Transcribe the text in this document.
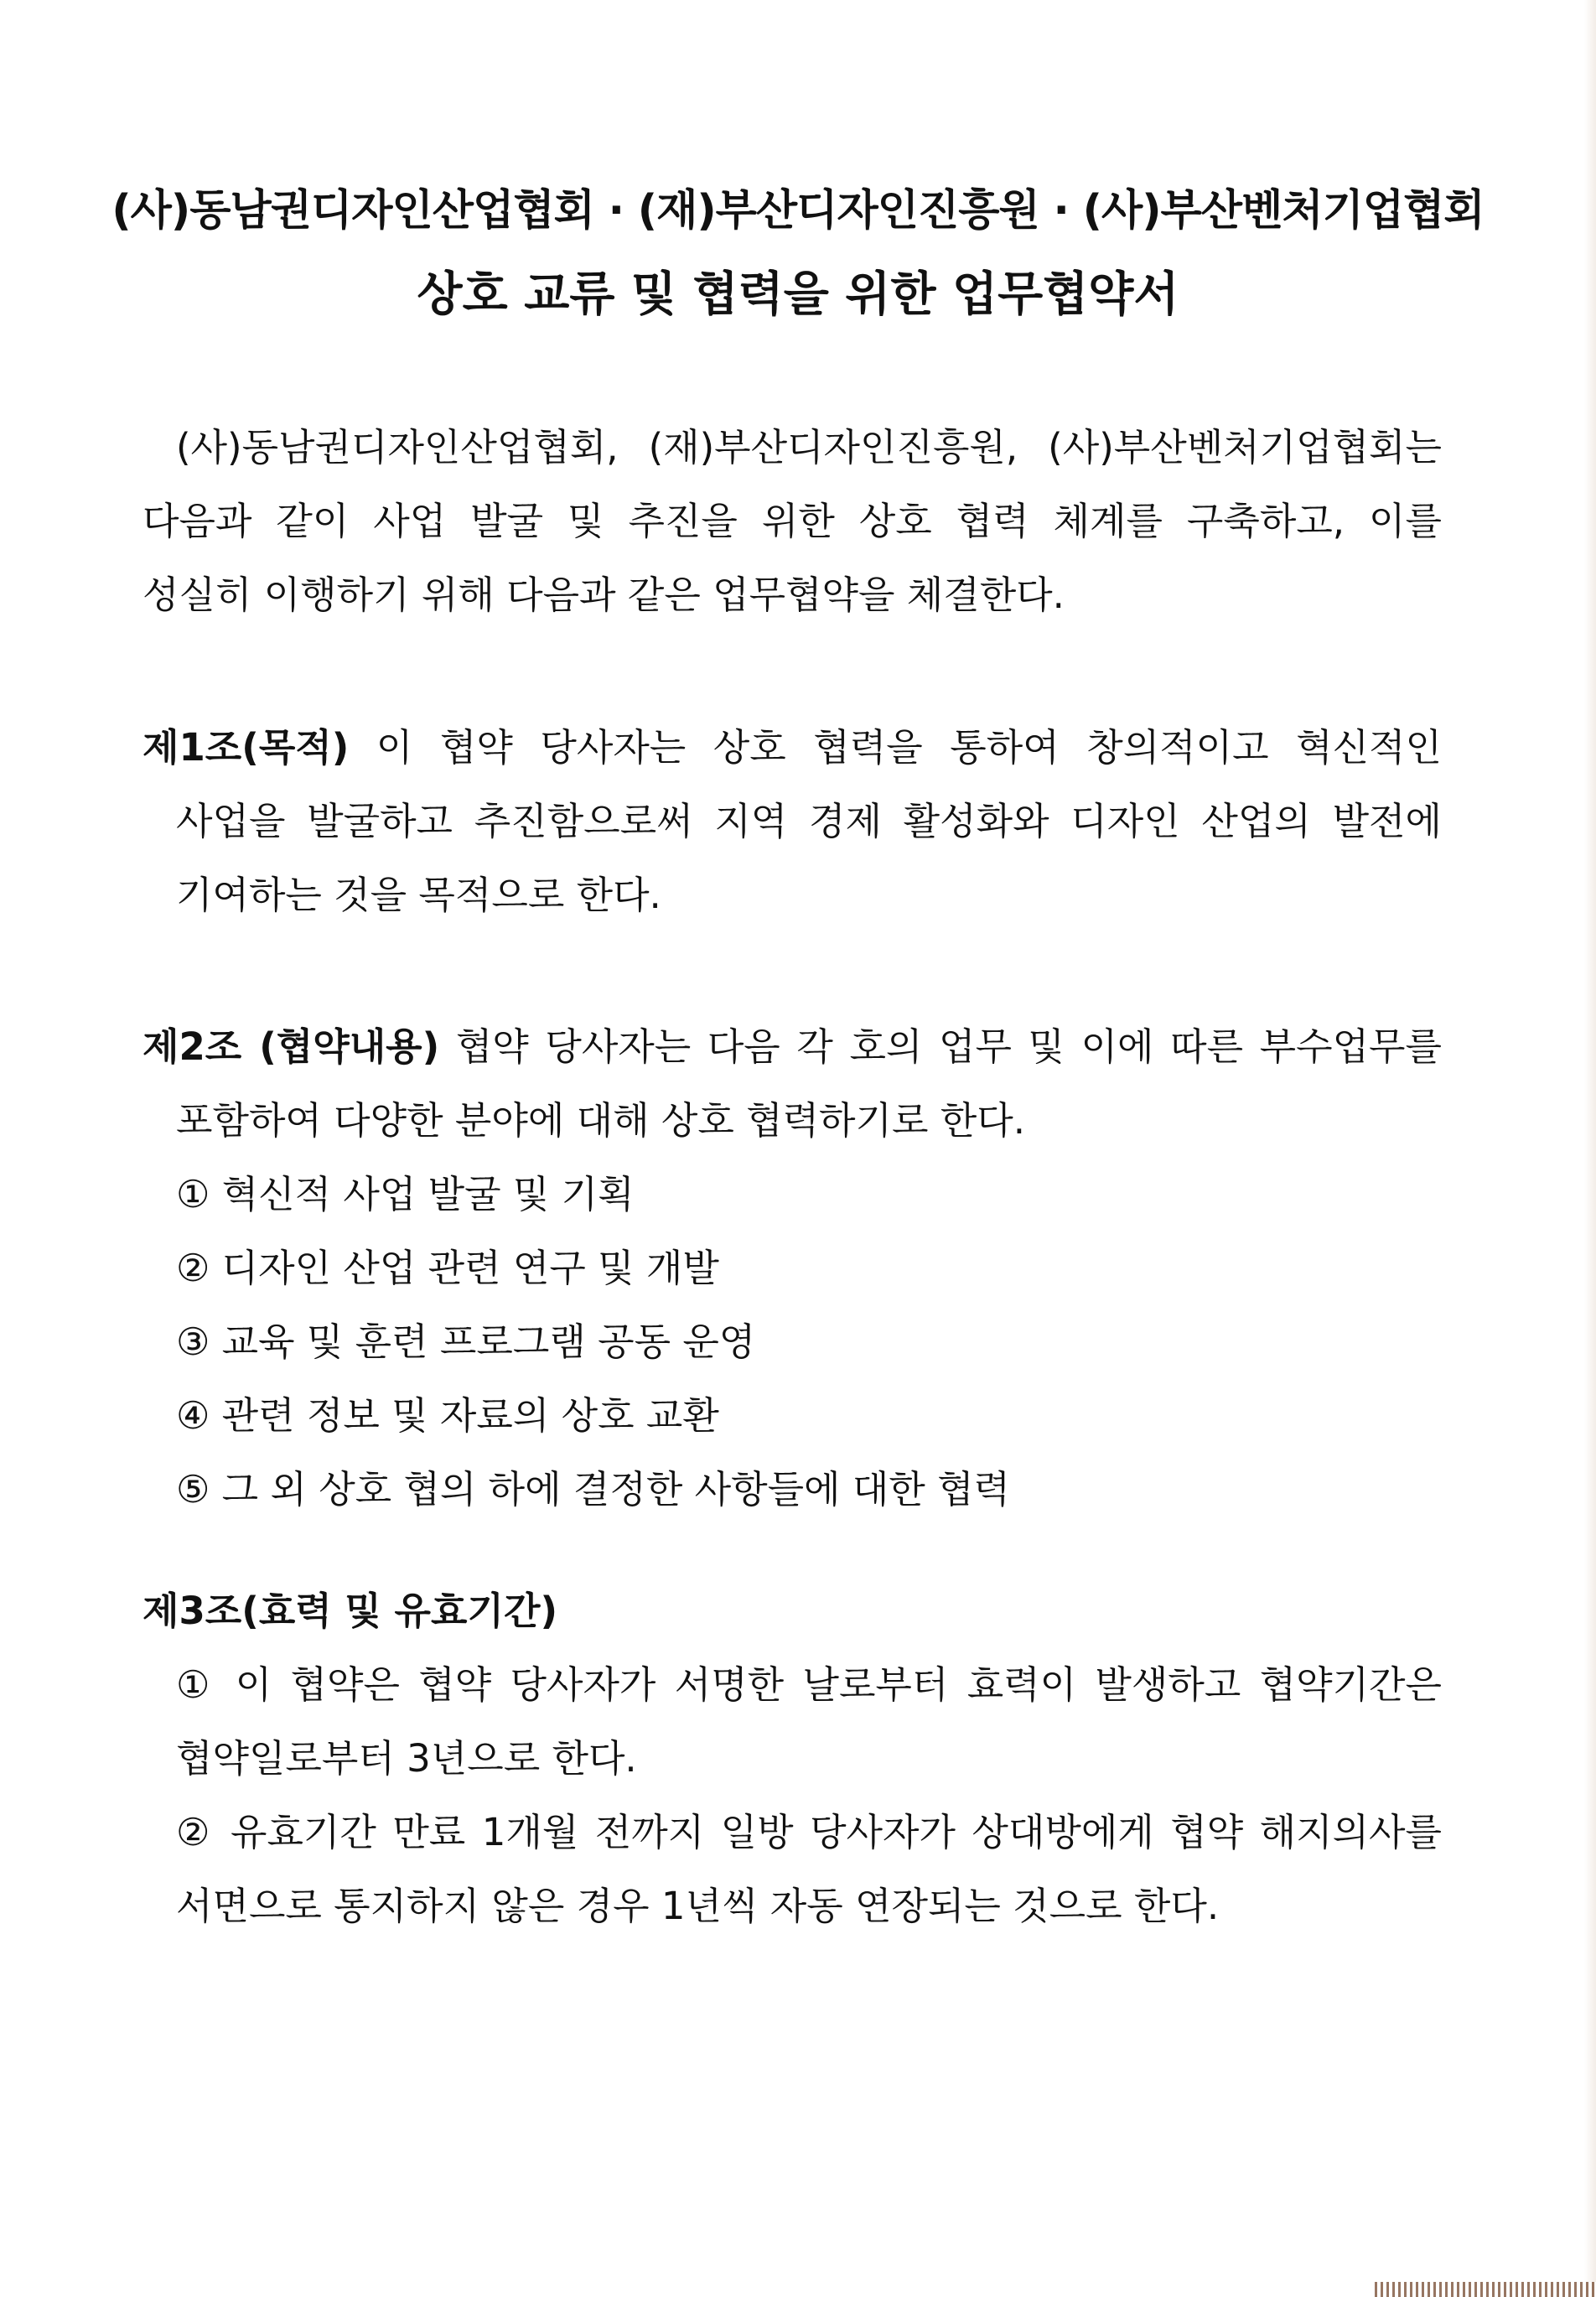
(사)동남권디자인산업협회 · (재)부산디자인진흥원 · (사)부산벤처기업협회
상호 교류 및 협력을 위한 업무협약서
(사)동남권디자인산업협회, (재)부산디자인진흥원, (사)부산벤처기업협회는
다음과 같이 사업 발굴 및 추진을 위한 상호 협력 체계를 구축하고, 이를
성실히 이행하기 위해 다음과 같은 업무협약을 체결한다.
제1조(목적) 이 협약 당사자는 상호 협력을 통하여 창의적이고 혁신적인
사업을 발굴하고 추진함으로써 지역 경제 활성화와 디자인 산업의 발전에
기여하는 것을 목적으로 한다.
제2조 (협약내용) 협약 당사자는 다음 각 호의 업무 및 이에 따른 부수업무를
포함하여 다양한 분야에 대해 상호 협력하기로 한다.
① 혁신적 사업 발굴 및 기획
② 디자인 산업 관련 연구 및 개발
③ 교육 및 훈련 프로그램 공동 운영
④ 관련 정보 및 자료의 상호 교환
⑤ 그 외 상호 협의 하에 결정한 사항들에 대한 협력
제3조(효력 및 유효기간)
① 이 협약은 협약 당사자가 서명한 날로부터 효력이 발생하고 협약기간은
협약일로부터 3년으로 한다.
② 유효기간 만료 1개월 전까지 일방 당사자가 상대방에게 협약 해지의사를
서면으로 통지하지 않은 경우 1년씩 자동 연장되는 것으로 한다.
